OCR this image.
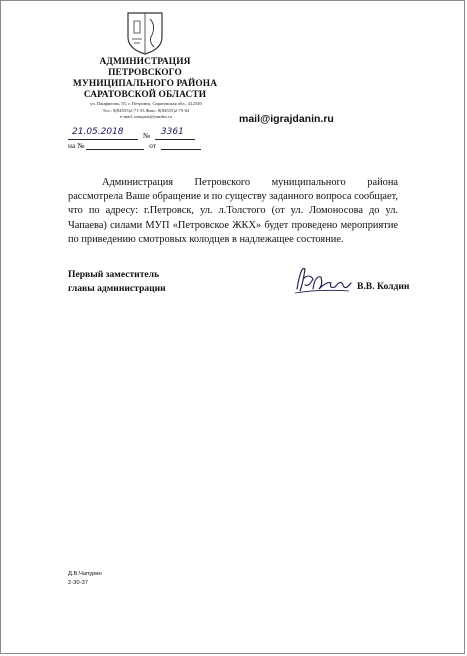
АДМИНИСТРАЦИЯ
ПЕТРОВСКОГО
МУНИЦИПАЛЬНОГО РАЙОНА
САРАТОВСКОЙ ОБЛАСТИ
ул. Панфилова, 55, г. Петровск, Саратовская обл., 412540
Тел.: 8(84555)2-71-53 Факс: 8(84555)2-75-02
e-mail: omopetr@yandex.ru	mail@igrajdanin.ru
21.05.2018	№ 3361
на №	от
Администрация Петровского муниципального района рассмотрела Ваше обращение и по существу заданного вопроса сообщает, что по адресу: г.Петровск, ул. л.Толстого (от ул. Ломоносова до ул. Чапаева) силами МУП «Петровское ЖКХ» будет проведено мероприятие по приведению смотровых колодцев в надлежащее состояние.
Первый заместитель
главы администрации	В.В. Колдин
Д.В.Чапурин
2-30-37
